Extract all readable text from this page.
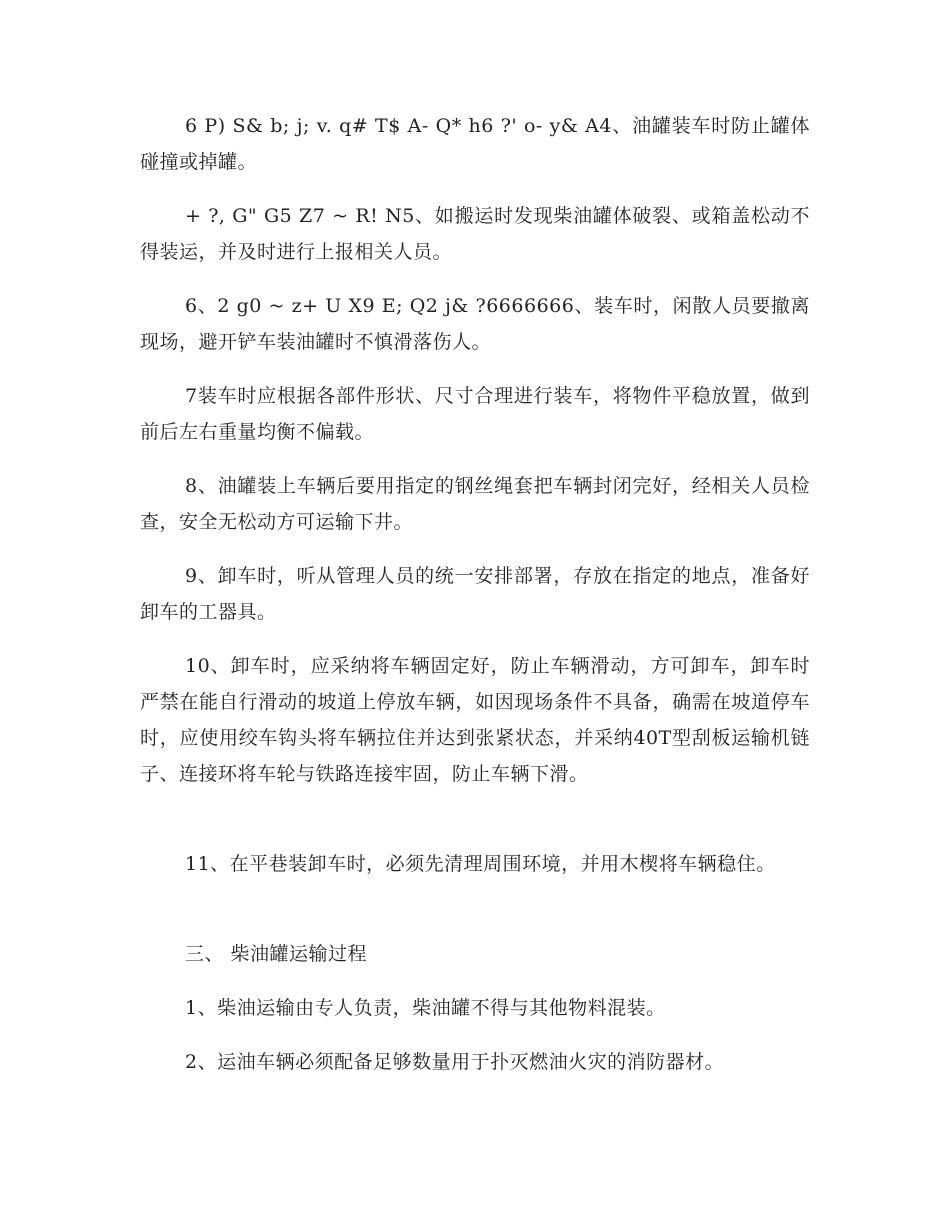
6 P) S& b; j; v. q# T$ A- Q* h6 ?' o- y& A4、油罐装车时防止罐体碰撞或掉罐。

+ ?, G" G5 Z7 ~ R! N5、如搬运时发现柴油罐体破裂、或箱盖松动不得装运，并及时进行上报相关人员。

6、2 g0 ~ z+ U X9 E; Q2 j& ?6666666、装车时，闲散人员要撤离现场，避开铲车装油罐时不慎滑落伤人。

7装车时应根据各部件形状、尺寸合理进行装车，将物件平稳放置，做到前后左右重量均衡不偏载。

8、油罐装上车辆后要用指定的钢丝绳套把车辆封闭完好，经相关人员检查，安全无松动方可运输下井。

9、卸车时，听从管理人员的统一安排部署，存放在指定的地点，准备好卸车的工器具。

10、卸车时，应采纳将车辆固定好，防止车辆滑动，方可卸车，卸车时严禁在能自行滑动的坡道上停放车辆，如因现场条件不具备，确需在坡道停车时，应使用绞车钩头将车辆拉住并达到张紧状态，并采纳40T型刮板运输机链子、连接环将车轮与铁路连接牢固，防止车辆下滑。

11、在平巷装卸车时，必须先清理周围环境，并用木楔将车辆稳住。

三、 柴油罐运输过程

1、柴油运输由专人负责，柴油罐不得与其他物料混装。

2、运油车辆必须配备足够数量用于扑灭燃油火灾的消防器材。
